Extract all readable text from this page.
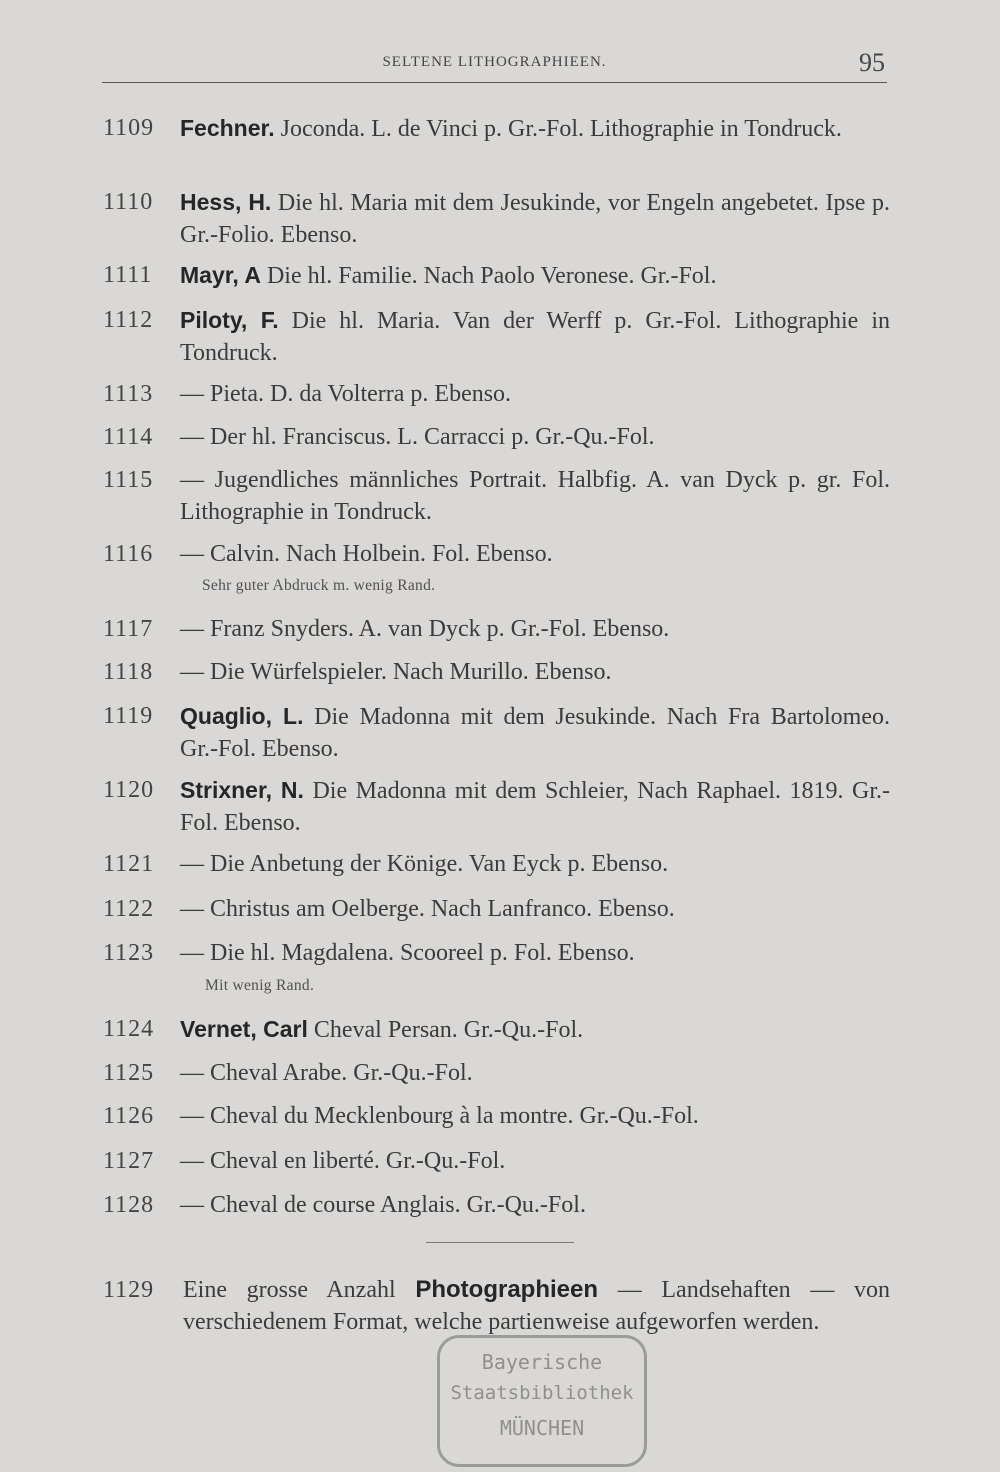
SELTENE LITHOGRAPHIEEN.	95
1109	Fechner. Joconda. L. de Vinci p. Gr.-Fol. Lithographie in Tondruck.
1110	Hess, H. Die hl. Maria mit dem Jesukinde, vor Engeln angebetet. Ipse p. Gr.-Folio. Ebenso.
1111	Mayr, A Die hl. Familie. Nach Paolo Veronese. Gr.-Fol.
1112	Piloty, F. Die hl. Maria. Van der Werff p. Gr.-Fol. Lithographie in Tondruck.
1113	— Pieta. D. da Volterra p. Ebenso.
1114	— Der hl. Franciscus. L. Carracci p. Gr.-Qu.-Fol.
1115	— Jugendliches männliches Portrait. Halbfig. A. van Dyck p. gr. Fol. Lithographie in Tondruck.
1116	— Calvin. Nach Holbein. Fol. Ebenso.
Sehr guter Abdruck m. wenig Rand.
1117	— Franz Snyders. A. van Dyck p. Gr.-Fol. Ebenso.
1118	— Die Würfelspieler. Nach Murillo. Ebenso.
1119	Quaglio, L. Die Madonna mit dem Jesukinde. Nach Fra Bartolomeo. Gr.-Fol. Ebenso.
1120	Strixner, N. Die Madonna mit dem Schleier, Nach Raphael. 1819. Gr.-Fol. Ebenso.
1121	— Die Anbetung der Könige. Van Eyck p. Ebenso.
1122	— Christus am Oelberge. Nach Lanfranco. Ebenso.
1123	— Die hl. Magdalena. Scooreel p. Fol. Ebenso.
Mit wenig Rand.
1124	Vernet, Carl Cheval Persan. Gr.-Qu.-Fol.
1125	— Cheval Arabe. Gr.-Qu.-Fol.
1126	— Cheval du Mecklenbourg à la montre. Gr.-Qu.-Fol.
1127	— Cheval en liberté. Gr.-Qu.-Fol.
1128	— Cheval de course Anglais. Gr.-Qu.-Fol.
1129	Eine grosse Anzahl Photographieen — Landsehaften — von verschiedenem Format, welche partienweise aufgeworfen werden.
Bayerische
Staatsbibliothek
MÜNCHEN
